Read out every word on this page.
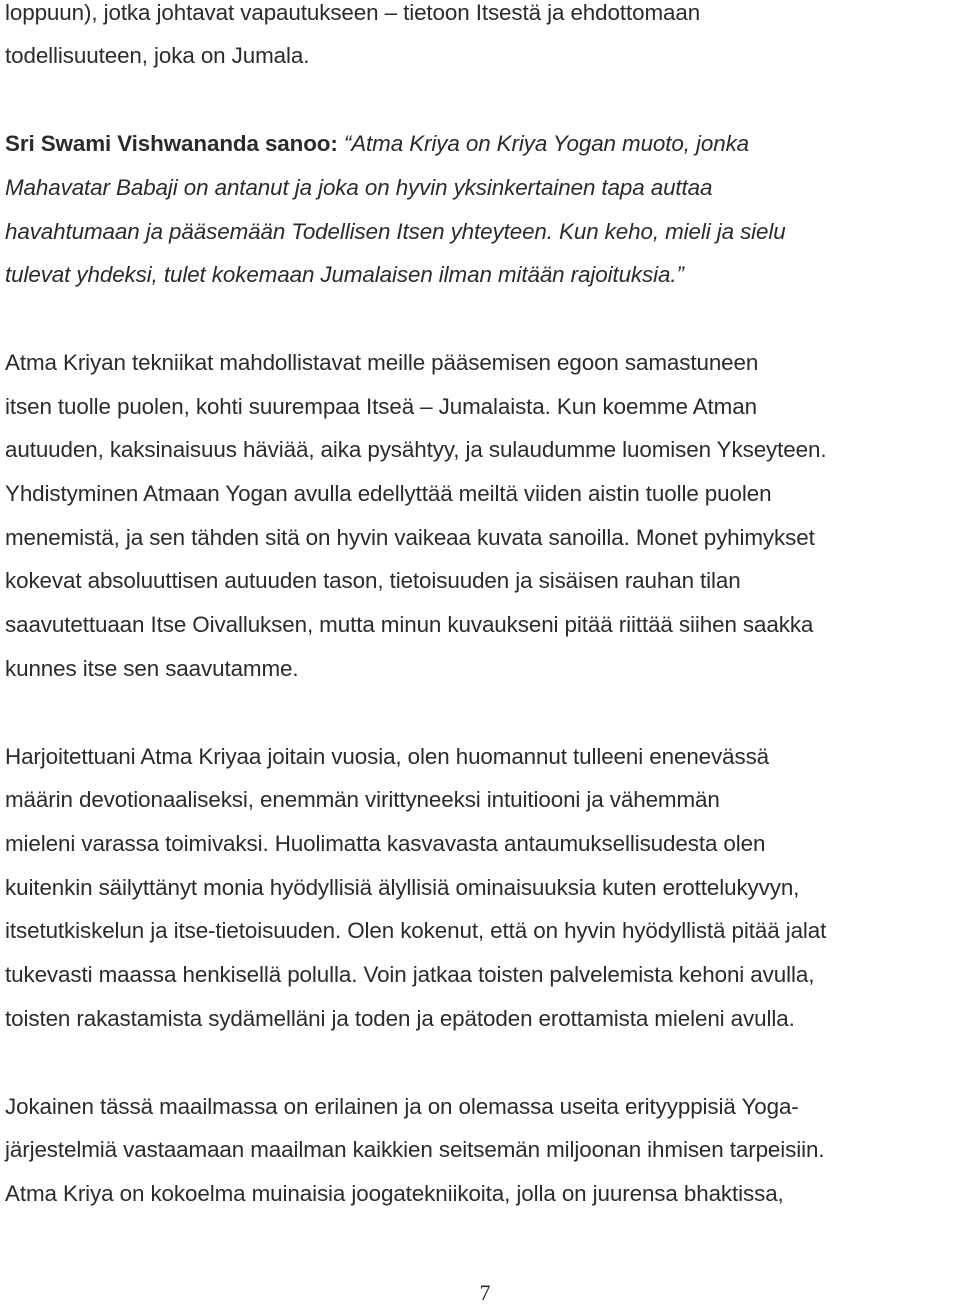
loppuun), jotka johtavat vapautukseen – tietoon Itsestä ja ehdottomaan
todellisuuteen, joka on Jumala.
Sri Swami Vishwananda sanoo: “Atma Kriya on Kriya Yogan muoto, jonka
Mahavatar Babaji on antanut ja joka on hyvin yksinkertainen tapa auttaa
havahtumaan ja pääsemään Todellisen Itsen yhteyteen. Kun keho, mieli ja sielu
tulevat yhdeksi, tulet kokemaan Jumalaisen ilman mitään rajoituksia.”
Atma Kriyan tekniikat mahdollistavat meille pääsemisen egoon samastuneen
itsen tuolle puolen, kohti suurempaa Itseä – Jumalaista. Kun koemme Atman
autuuden, kaksinaisuus häviää, aika pysähtyy, ja sulaudumme luomisen Ykseyteen.
Yhdistyminen Atmaan Yogan avulla edellyttää meiltä viiden aistin tuolle puolen
menemistä, ja sen tähden sitä on hyvin vaikeaa kuvata sanoilla. Monet pyhimykset
kokevat absoluuttisen autuuden tason, tietoisuuden ja sisäisen rauhan tilan
saavutettuaan Itse Oivalluksen, mutta minun kuvaukseni pitää riittää siihen saakka
kunnes itse sen saavutamme.
Harjoitettuani Atma Kriyaa joitain vuosia, olen huomannut tulleeni enenevässä
määrin devotionaaliseksi, enemmän virittyneeksi intuitiooni ja vähemmän
mieleni varassa toimivaksi. Huolimatta kasvavasta antaumuksellisudesta olen
kuitenkin säilyttänyt monia hyödyllisiä älyllisiä ominaisuuksia kuten erottelukyvyn,
itsetutkiskelun ja itse-tietoisuuden. Olen kokenut, että on hyvin hyödyllistä pitää jalat
tukevasti maassa henkisellä polulla. Voin jatkaa toisten palvelemista kehoni avulla,
toisten rakastamista sydämelläni ja toden ja epätoden erottamista mieleni avulla.
Jokainen tässä maailmassa on erilainen ja on olemassa useita erityyppisiä Yoga-
järjestelmiä vastaamaan maailman kaikkien seitsemän miljoonan ihmisen tarpeisiin.
Atma Kriya on kokoelma muinaisia joogatekniikoita, jolla on juurensa bhaktissa,
7
